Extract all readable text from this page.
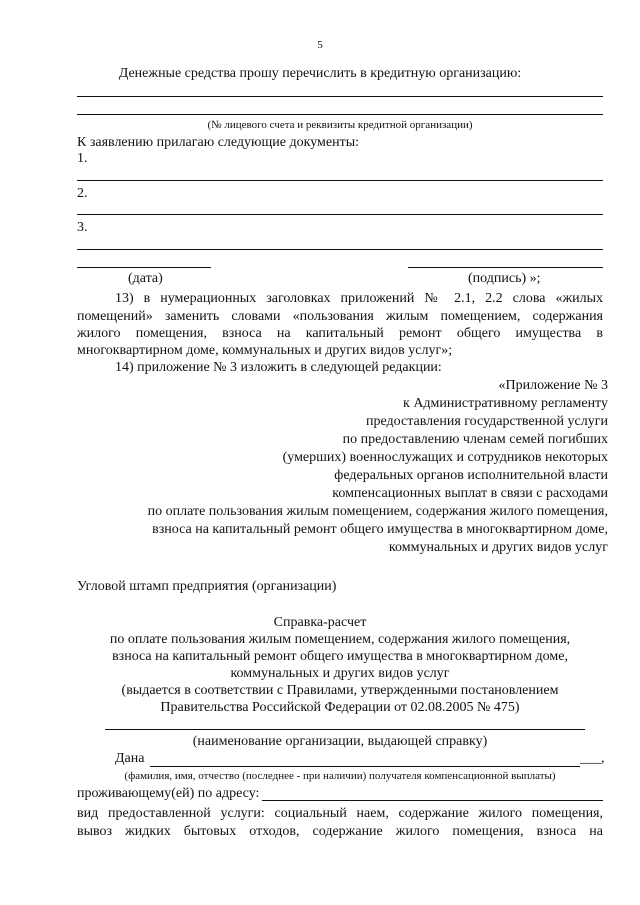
5
Денежные средства прошу перечислить в кредитную организацию:
(№ лицевого счета и реквизиты кредитной организации)
К заявлению прилагаю следующие документы:
1.
2.
3.
(дата)	(подпись) »;
13) в нумерационных заголовках приложений № 2.1, 2.2 слова «жилых
помещений» заменить словами «пользования жилым помещением, содержания
жилого помещения, взноса на капитальный ремонт общего имущества в
многоквартирном доме, коммунальных и других видов услуг»;
14) приложение № 3 изложить в следующей редакции:
«Приложение № 3
к Административному регламенту
предоставления государственной услуги
по предоставлению членам семей погибших
(умерших) военнослужащих и сотрудников некоторых
федеральных органов исполнительной власти
компенсационных выплат в связи с расходами
по оплате пользования жилым помещением, содержания жилого помещения,
взноса на капитальный ремонт общего имущества в многоквартирном доме,
коммунальных и других видов услуг
Угловой штамп предприятия (организации)
Справка-расчет
по оплате пользования жилым помещением, содержания жилого помещения,
взноса на капитальный ремонт общего имущества в многоквартирном доме,
коммунальных и других видов услуг
(выдается в соответствии с Правилами, утвержденными постановлением
Правительства Российской Федерации от 02.08.2005 № 475)
(наименование организации, выдающей справку)
Дана	___,
(фамилия, имя, отчество (последнее - при наличии) получателя компенсационной выплаты)
проживающему(ей) по адресу:
вид предоставленной услуги: социальный наем, содержание жилого помещения,
вывоз жидких бытовых отходов, содержание жилого помещения, взноса на
